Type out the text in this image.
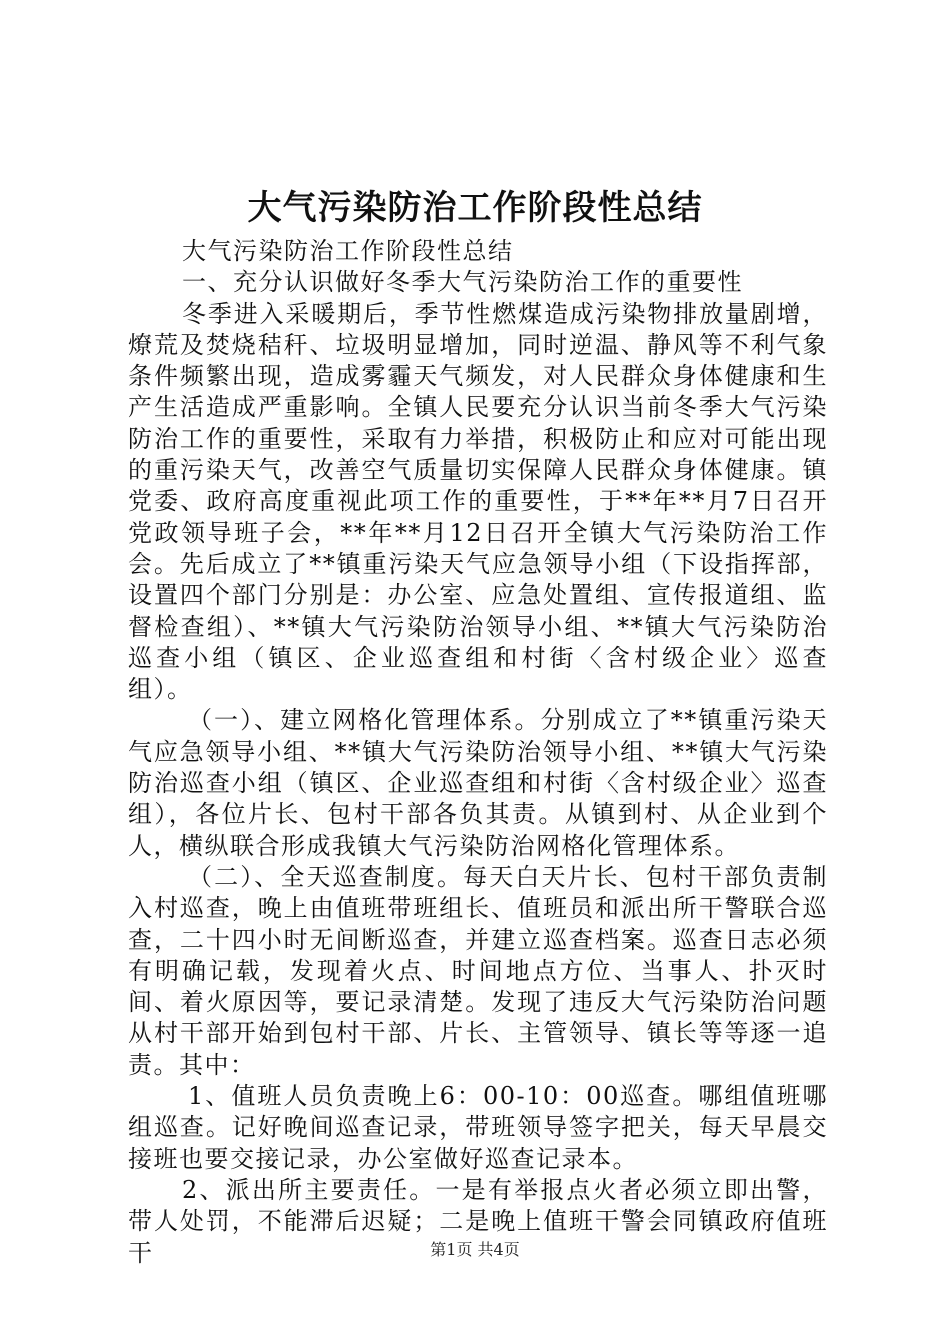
大气污染防治工作阶段性总结

大气污染防治工作阶段性总结

一、充分认识做好冬季大气污染防治工作的重要性

冬季进入采暖期后，季节性燃煤造成污染物排放量剧增，燎荒及焚烧秸秆、垃圾明显增加，同时逆温、静风等不利气象条件频繁出现，造成雾霾天气频发，对人民群众身体健康和生产生活造成严重影响。全镇人民要充分认识当前冬季大气污染防治工作的重要性，采取有力举措，积极防止和应对可能出现的重污染天气，改善空气质量切实保障人民群众身体健康。镇党委、政府高度重视此项工作的重要性，于**年**月7日召开党政领导班子会，**年**月12日召开全镇大气污染防治工作会。先后成立了**镇重污染天气应急领导小组（下设指挥部，设置四个部门分别是：办公室、应急处置组、宣传报道组、监督检查组）、**镇大气污染防治领导小组、**镇大气污染防治巡查小组（镇区、企业巡查组和村街〈含村级企业〉巡查组）。

（一）、建立网格化管理体系。分别成立了**镇重污染天气应急领导小组、**镇大气污染防治领导小组、**镇大气污染防治巡查小组（镇区、企业巡查组和村街〈含村级企业〉巡查组），各位片长、包村干部各负其责。从镇到村、从企业到个人，横纵联合形成我镇大气污染防治网格化管理体系。

（二）、全天巡查制度。每天白天片长、包村干部负责制入村巡查，晚上由值班带班组长、值班员和派出所干警联合巡查，二十四小时无间断巡查，并建立巡查档案。巡查日志必须有明确记载，发现着火点、时间地点方位、当事人、扑灭时间、着火原因等，要记录清楚。发现了违反大气污染防治问题从村干部开始到包村干部、片长、主管领导、镇长等等逐一追责。其中：

1、值班人员负责晚上6：00-10：00巡查。哪组值班哪组巡查。记好晚间巡查记录，带班领导签字把关，每天早晨交接班也要交接记录，办公室做好巡查记录本。

2、派出所主要责任。一是有举报点火者必须立即出警，带人处罚，不能滞后迟疑；二是晚上值班干警会同镇政府值班干	第1页 共4页
